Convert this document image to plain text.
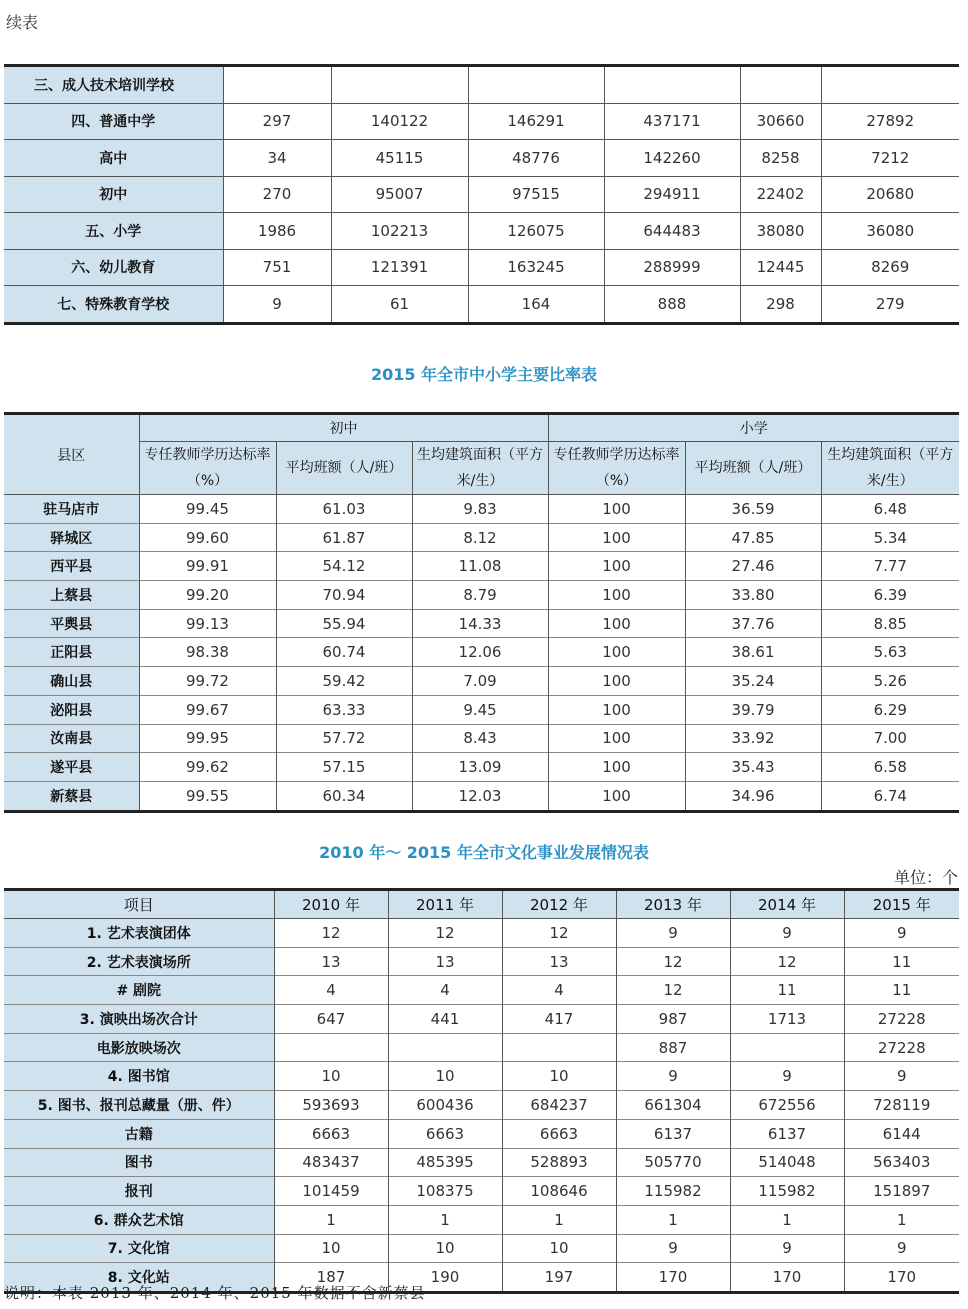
续表
三、成人技术培训学校						
四、普通中学	297	140122	146291	437171	30660	27892
高中	34	45115	48776	142260	8258	7212
初中	270	95007	97515	294911	22402	20680
五、小学	1986	102213	126075	644483	38080	36080
六、幼儿教育	751	121391	163245	288999	12445	8269
七、特殊教育学校	9	61	164	888	298	279
2015 年全市中小学主要比率表
县区	初中			小学		
	专任教师学历达标率（%）	平均班额（人/班）	生均建筑面积（平方米/生）	专任教师学历达标率（%）	平均班额（人/班）	生均建筑面积（平方米/生）
驻马店市	99.45	61.03	9.83	100	36.59	6.48
驿城区	99.60	61.87	8.12	100	47.85	5.34
西平县	99.91	54.12	11.08	100	27.46	7.77
上蔡县	99.20	70.94	8.79	100	33.80	6.39
平舆县	99.13	55.94	14.33	100	37.76	8.85
正阳县	98.38	60.74	12.06	100	38.61	5.63
确山县	99.72	59.42	7.09	100	35.24	5.26
泌阳县	99.67	63.33	9.45	100	39.79	6.29
汝南县	99.95	57.72	8.43	100	33.92	7.00
遂平县	99.62	57.15	13.09	100	35.43	6.58
新蔡县	99.55	60.34	12.03	100	34.96	6.74
2010 年～ 2015 年全市文化事业发展情况表
单位：个
项目	2010 年	2011 年	2012 年	2013 年	2014 年	2015 年
1. 艺术表演团体	12	12	12	9	9	9
2. 艺术表演场所	13	13	13	12	12	11
# 剧院	4	4	4	12	11	11
3. 演映出场次合计	647	441	417	987	1713	27228
电影放映场次				887		27228
4. 图书馆	10	10	10	9	9	9
5. 图书、报刊总藏量（册、件）	593693	600436	684237	661304	672556	728119
古籍	6663	6663	6663	6137	6137	6144
图书	483437	485395	528893	505770	514048	563403
报刊	101459	108375	108646	115982	115982	151897
6. 群众艺术馆	1	1	1	1	1	1
7. 文化馆	10	10	10	9	9	9
8. 文化站	187	190	197	170	170	170
说明：本表 2013 年、2014 年、2015 年数据不含新蔡县
